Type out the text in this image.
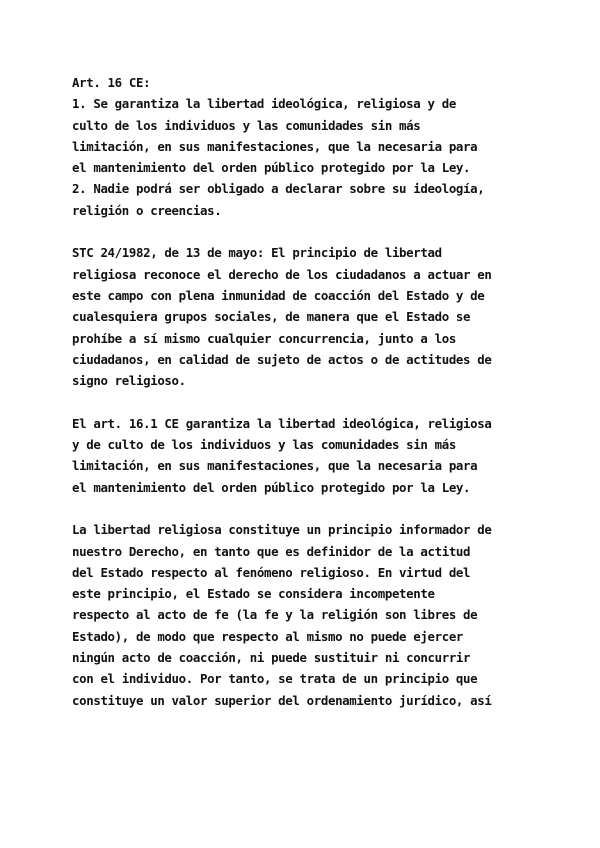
Art. 16 CE:
1. Se garantiza la libertad ideológica, religiosa y de
culto de los individuos y las comunidades sin más
limitación, en sus manifestaciones, que la necesaria para
el mantenimiento del orden público protegido por la Ley.
2. Nadie podrá ser obligado a declarar sobre su ideología,
religión o creencias.
STC 24/1982, de 13 de mayo: El principio de libertad
religiosa reconoce el derecho de los ciudadanos a actuar en
este campo con plena inmunidad de coacción del Estado y de
cualesquiera grupos sociales, de manera que el Estado se
prohíbe a sí mismo cualquier concurrencia, junto a los
ciudadanos, en calidad de sujeto de actos o de actitudes de
signo religioso.
El art. 16.1 CE garantiza la libertad ideológica, religiosa
y de culto de los individuos y las comunidades sin más
limitación, en sus manifestaciones, que la necesaria para
el mantenimiento del orden público protegido por la Ley.
La libertad religiosa constituye un principio informador de
nuestro Derecho, en tanto que es definidor de la actitud
del Estado respecto al fenómeno religioso. En virtud del
este principio, el Estado se considera incompetente
respecto al acto de fe (la fe y la religión son libres de
Estado), de modo que respecto al mismo no puede ejercer
ningún acto de coacción, ni puede sustituir ni concurrir
con el individuo. Por tanto, se trata de un principio que
constituye un valor superior del ordenamiento jurídico, así
